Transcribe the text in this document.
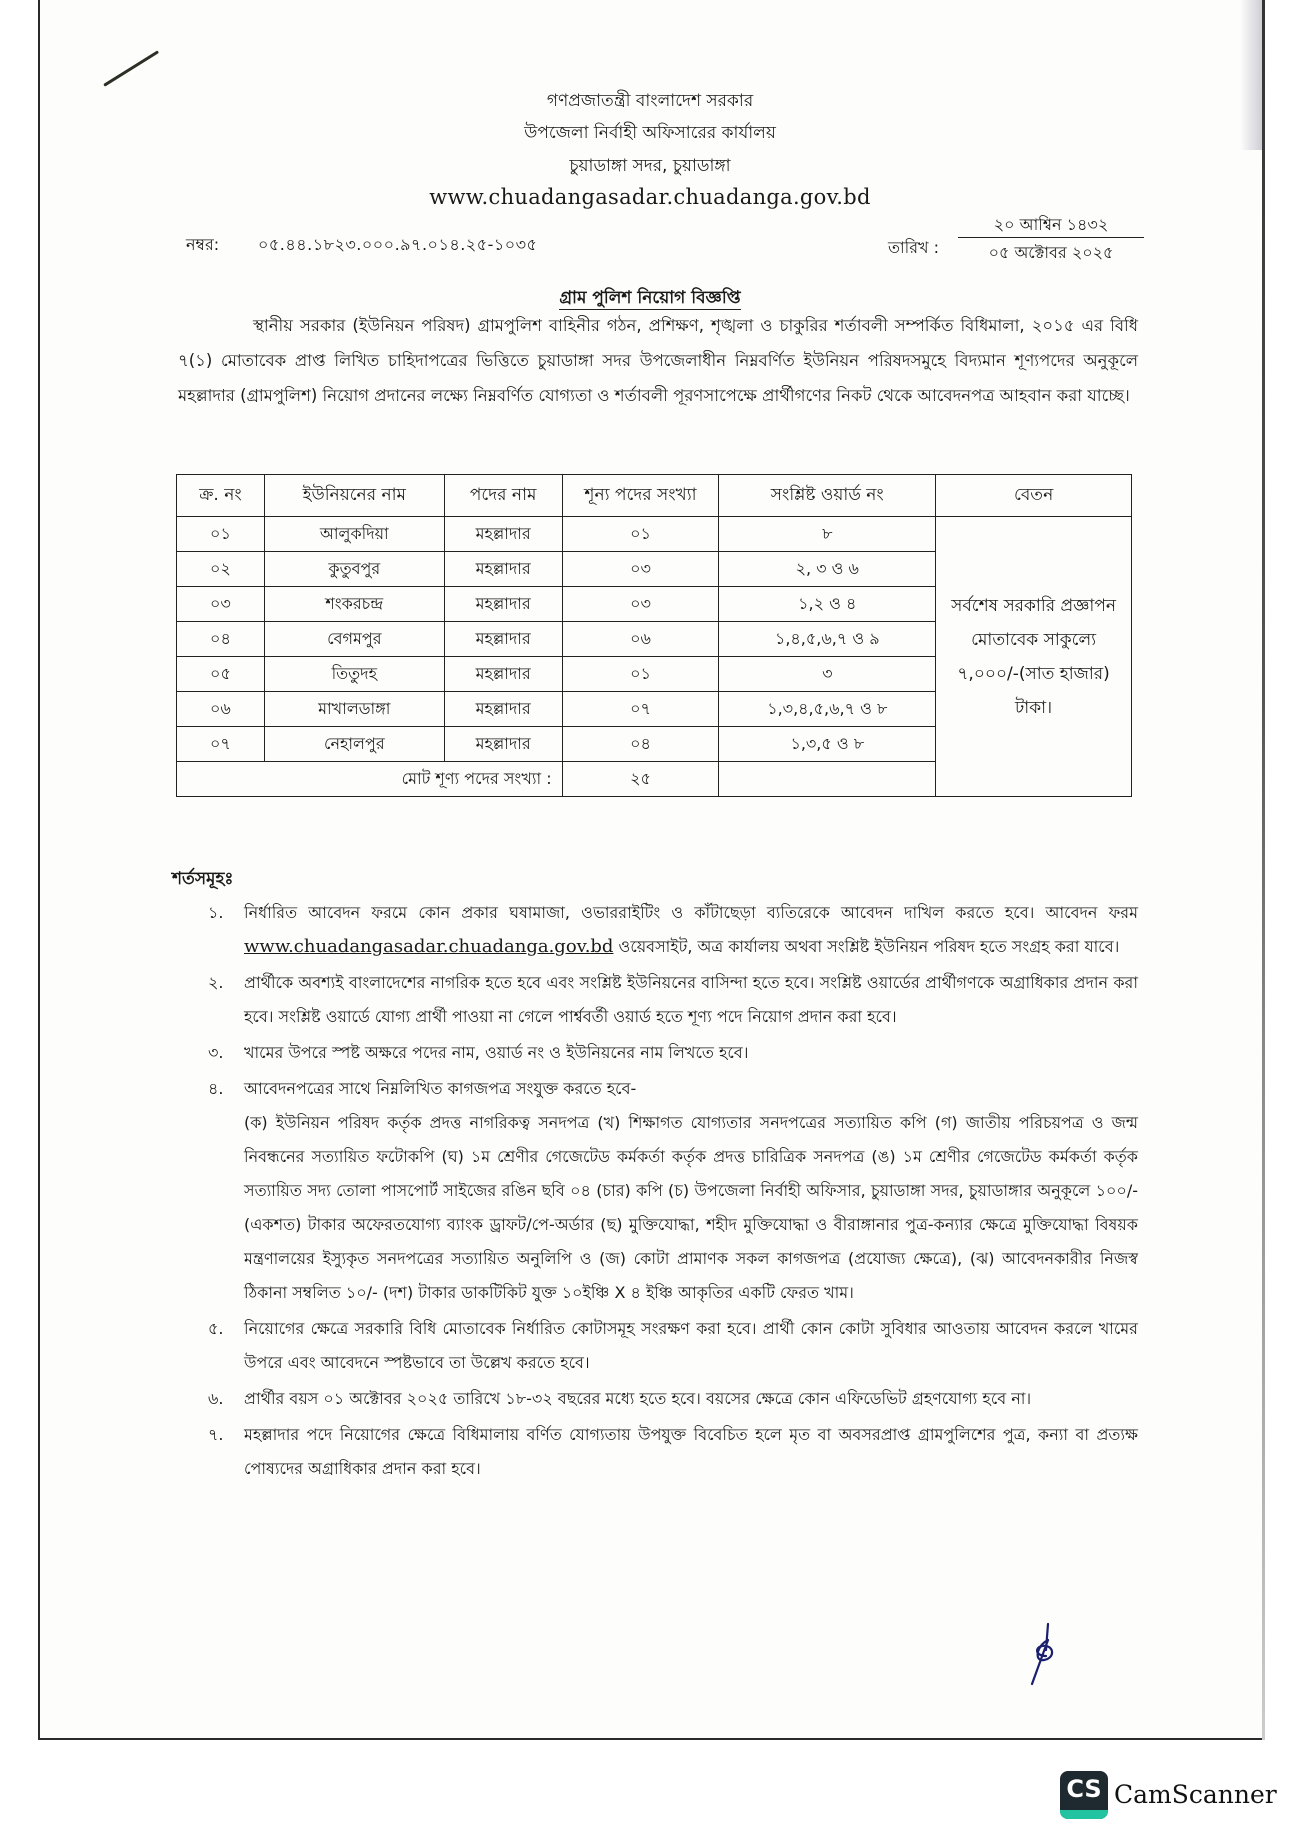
গণপ্রজাতন্ত্রী বাংলাদেশ সরকার
উপজেলা নির্বাহী অফিসারের কার্যালয়
চুয়াডাঙ্গা সদর, চুয়াডাঙ্গা
www.chuadangasadar.chuadanga.gov.bd
নম্বর: ০৫.৪৪.১৮২৩.০০০.৯৭.০১৪.২৫-১০৩৫	তারিখ :
২০ আশ্বিন ১৪৩২
০৫ অক্টোবর ২০২৫
গ্রাম পুলিশ নিয়োগ বিজ্ঞপ্তি

স্থানীয় সরকার (ইউনিয়ন পরিষদ) গ্রামপুলিশ বাহিনীর গঠন, প্রশিক্ষণ, শৃঙ্খলা ও চাকুরির শর্তাবলী সম্পর্কিত বিধিমালা, ২০১৫ এর বিধি ৭(১) মোতাবেক প্রাপ্ত লিখিত চাহিদাপত্রের ভিত্তিতে চুয়াডাঙ্গা সদর উপজেলাধীন নিম্নবর্ণিত ইউনিয়ন পরিষদসমুহে বিদ্যমান শূণ্যপদের অনুকূলে মহল্লাদার (গ্রামপুলিশ) নিয়োগ প্রদানের লক্ষ্যে নিম্নবর্ণিত যোগ্যতা ও শর্তাবলী পূরণসাপেক্ষে প্রার্থীগণের নিকট থেকে আবেদনপত্র আহবান করা যাচ্ছে।

ক্র. নং	ইউনিয়নের নাম	পদের নাম	শূন্য পদের সংখ্যা	সংশ্লিষ্ট ওয়ার্ড নং	বেতন
০১	আলুকদিয়া	মহল্লাদার	০১	৮	সর্বশেষ সরকারি প্রজ্ঞাপন মোতাবেক সাকুল্যে ৭,০০০/-(সাত হাজার) টাকা।
০২	কুতুবপুর	মহল্লাদার	০৩	২, ৩ ও ৬	
০৩	শংকরচন্দ্র	মহল্লাদার	০৩	১,২ ও ৪	
০৪	বেগমপুর	মহল্লাদার	০৬	১,৪,৫,৬,৭ ও ৯	
০৫	তিতুদহ	মহল্লাদার	০১	৩	
০৬	মাখালডাঙ্গা	মহল্লাদার	০৭	১,৩,৪,৫,৬,৭ ও ৮	
০৭	নেহালপুর	মহল্লাদার	০৪	১,৩,৫ ও ৮	
মোট শূণ্য পদের সংখ্যা :			২৫		
শর্তসমূহঃ
১. নির্ধারিত আবেদন ফরমে কোন প্রকার ঘষামাজা, ওভাররাইটিং ও কাঁটাছেড়া ব্যতিরেকে আবেদন দাখিল করতে হবে। আবেদন ফরম www.chuadangasadar.chuadanga.gov.bd ওয়েবসাইট, অত্র কার্যালয় অথবা সংশ্লিষ্ট ইউনিয়ন পরিষদ হতে সংগ্রহ করা যাবে।
২. প্রার্থীকে অবশ্যই বাংলাদেশের নাগরিক হতে হবে এবং সংশ্লিষ্ট ইউনিয়নের বাসিন্দা হতে হবে। সংশ্লিষ্ট ওয়ার্ডের প্রার্থীগণকে অগ্রাধিকার প্রদান করা হবে। সংশ্লিষ্ট ওয়ার্ডে যোগ্য প্রার্থী পাওয়া না গেলে পার্শ্ববর্তী ওয়ার্ড হতে শূণ্য পদে নিয়োগ প্রদান করা হবে।
৩. খামের উপরে স্পষ্ট অক্ষরে পদের নাম, ওয়ার্ড নং ও ইউনিয়নের নাম লিখতে হবে।
৪. আবেদনপত্রের সাথে নিম্নলিখিত কাগজপত্র সংযুক্ত করতে হবে-
(ক) ইউনিয়ন পরিষদ কর্তৃক প্রদত্ত নাগরিকত্ব সনদপত্র (খ) শিক্ষাগত যোগ্যতার সনদপত্রের সত্যায়িত কপি (গ) জাতীয় পরিচয়পত্র ও জন্ম নিবন্ধনের সত্যায়িত ফটোকপি (ঘ) ১ম শ্রেণীর গেজেটেড কর্মকর্তা কর্তৃক প্রদত্ত চারিত্রিক সনদপত্র (ঙ) ১ম শ্রেণীর গেজেটেড কর্মকর্তা কর্তৃক সত্যায়িত সদ্য তোলা পাসপোর্ট সাইজের রঙিন ছবি ০৪ (চার) কপি (চ) উপজেলা নির্বাহী অফিসার, চুয়াডাঙ্গা সদর, চুয়াডাঙ্গার অনুকূলে ১০০/- (একশত) টাকার অফেরতযোগ্য ব্যাংক ড্রাফট/পে-অর্ডার (ছ) মুক্তিযোদ্ধা, শহীদ মুক্তিযোদ্ধা ও বীরাঙ্গানার পুত্র-কন্যার ক্ষেত্রে মুক্তিযোদ্ধা বিষয়ক মন্ত্রণালয়ের ইস্যুকৃত সনদপত্রের সত্যায়িত অনুলিপি ও (জ) কোটা প্রামাণক সকল কাগজপত্র (প্রযোজ্য ক্ষেত্রে), (ঝ) আবেদনকারীর নিজস্ব ঠিকানা সম্বলিত ১০/- (দশ) টাকার ডাকটিকিট যুক্ত ১০ইঞ্চি X ৪ ইঞ্চি আকৃতির একটি ফেরত খাম।
৫. নিয়োগের ক্ষেত্রে সরকারি বিধি মোতাবেক নির্ধারিত কোটাসমূহ সংরক্ষণ করা হবে। প্রার্থী কোন কোটা সুবিধার আওতায় আবেদন করলে খামের উপরে এবং আবেদনে স্পষ্টভাবে তা উল্লেখ করতে হবে।
৬. প্রার্থীর বয়স ০১ অক্টোবর ২০২৫ তারিখে ১৮-৩২ বছরের মধ্যে হতে হবে। বয়সের ক্ষেত্রে কোন এফিডেভিট গ্রহণযোগ্য হবে না।
৭. মহল্লাদার পদে নিয়োগের ক্ষেত্রে বিধিমালায় বর্ণিত যোগ্যতায় উপযুক্ত বিবেচিত হলে মৃত বা অবসরপ্রাপ্ত গ্রামপুলিশের পুত্র, কন্যা বা প্রত্যক্ষ পোষ্যদের অগ্রাধিকার প্রদান করা হবে।
CS CamScanner
